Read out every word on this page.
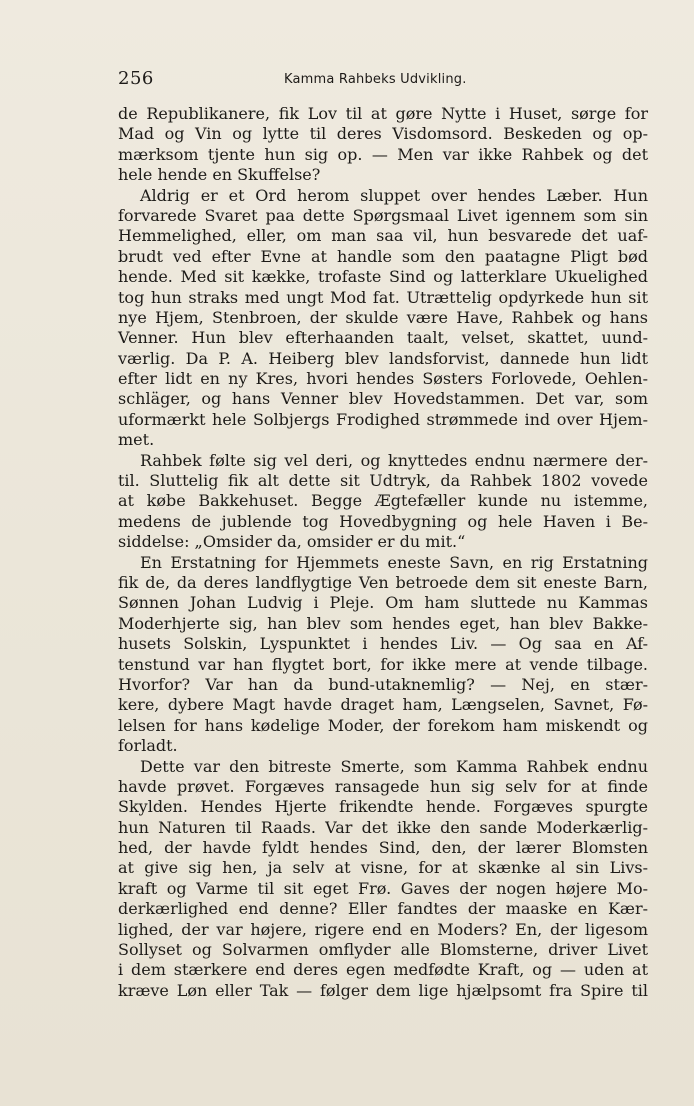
256	Kamma Rahbeks Udvikling.
de Republikanere, fik Lov til at gøre Nytte i Huset, sørge for
Mad og Vin og lytte til deres Visdomsord. Beskeden og op-
mærksom tjente hun sig op. — Men var ikke Rahbek og det
hele hende en Skuffelse?
Aldrig er et Ord herom sluppet over hendes Læber. Hun
forvarede Svaret paa dette Spørgsmaal Livet igennem som sin
Hemmelighed, eller, om man saa vil, hun besvarede det uaf-
brudt ved efter Evne at handle som den paatagne Pligt bød
hende. Med sit kække, trofaste Sind og latterklare Ukuelighed
tog hun straks med ungt Mod fat. Utrættelig opdyrkede hun sit
nye Hjem, Stenbroen, der skulde være Have, Rahbek og hans
Venner. Hun blev efterhaanden taalt, velset, skattet, uund-
værlig. Da P. A. Heiberg blev landsforvist, dannede hun lidt
efter lidt en ny Kres, hvori hendes Søsters Forlovede, Oehlen-
schläger, og hans Venner blev Hovedstammen. Det var, som
uformærkt hele Solbjergs Frodighed strømmede ind over Hjem-
met.
Rahbek følte sig vel deri, og knyttedes endnu nærmere der-
til. Sluttelig fik alt dette sit Udtryk, da Rahbek 1802 vovede
at købe Bakkehuset. Begge Ægtefæller kunde nu istemme,
medens de jublende tog Hovedbygning og hele Haven i Be-
siddelse: „Omsider da, omsider er du mit.“
En Erstatning for Hjemmets eneste Savn, en rig Erstatning
fik de, da deres landflygtige Ven betroede dem sit eneste Barn,
Sønnen Johan Ludvig i Pleje. Om ham sluttede nu Kammas
Moderhjerte sig, han blev som hendes eget, han blev Bakke-
husets Solskin, Lyspunktet i hendes Liv. — Og saa en Af-
tenstund var han flygtet bort, for ikke mere at vende tilbage.
Hvorfor? Var han da bund-utaknemlig? — Nej, en stær-
kere, dybere Magt havde draget ham, Længselen, Savnet, Fø-
lelsen for hans kødelige Moder, der forekom ham miskendt og
forladt.
Dette var den bitreste Smerte, som Kamma Rahbek endnu
havde prøvet. Forgæves ransagede hun sig selv for at finde
Skylden. Hendes Hjerte frikendte hende. Forgæves spurgte
hun Naturen til Raads. Var det ikke den sande Moderkærlig-
hed, der havde fyldt hendes Sind, den, der lærer Blomsten
at give sig hen, ja selv at visne, for at skænke al sin Livs-
kraft og Varme til sit eget Frø. Gaves der nogen højere Mo-
derkærlighed end denne? Eller fandtes der maaske en Kær-
lighed, der var højere, rigere end en Moders? En, der ligesom
Sollyset og Solvarmen omflyder alle Blomsterne, driver Livet
i dem stærkere end deres egen medfødte Kraft, og — uden at
kræve Løn eller Tak — følger dem lige hjælpsomt fra Spire til
